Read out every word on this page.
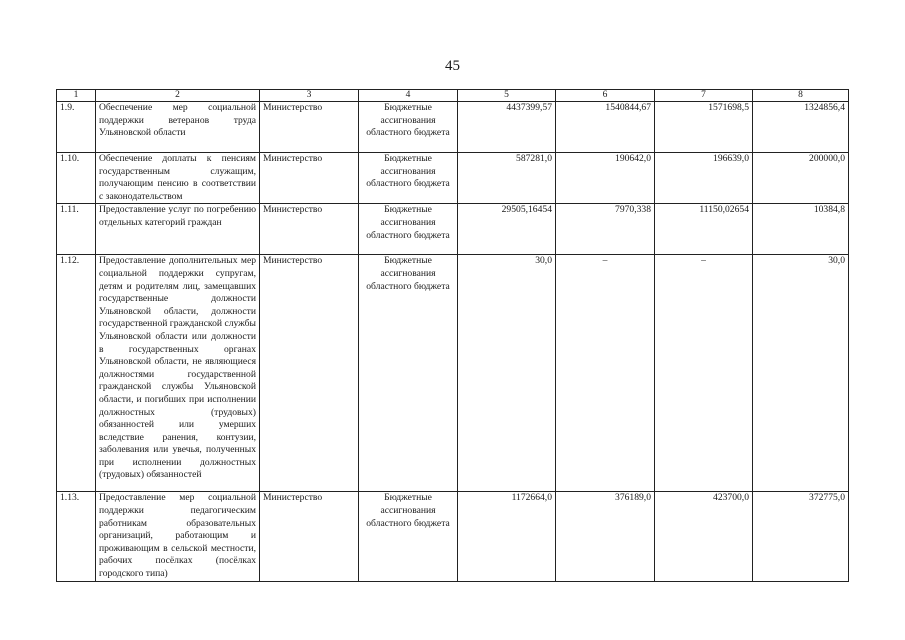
45
1	2	3	4	5	6	7	8
1.9.	Обеспечение мер социальной поддержки ветеранов труда Ульяновской области	Министерство	Бюджетные ассигнования областного бюджета	4437399,57	1540844,67	1571698,5	1324856,4
1.10.	Обеспечение доплаты к пенсиям государственным служащим, получающим пенсию в соответствии с законодательством	Министерство	Бюджетные ассигнования областного бюджета	587281,0	190642,0	196639,0	200000,0
1.11.	Предоставление услуг по погребению отдельных категорий граждан	Министерство	Бюджетные ассигнования областного бюджета	29505,16454	7970,338	11150,02654	10384,8
1.12.	Предоставление дополнительных мер социальной поддержки супругам, детям и родителям лиц, замещавших государственные должности Ульяновской области, должности государственной гражданской службы Ульяновской области или должности в государственных органах Ульяновской области, не являющиеся должностями государственной гражданской службы Ульяновской области, и погибших при исполнении должностных (трудовых) обязанностей или умерших вследствие ранения, контузии, заболевания или увечья, полученных при исполнении должностных (трудовых) обязанностей	Министерство	Бюджетные ассигнования областного бюджета	30,0	–	–	30,0
1.13.	Предоставление мер социальной поддержки педагогическим работникам образовательных организаций, работающим и проживающим в сельской местности, рабочих посёлках (посёлках городского типа)	Министерство	Бюджетные ассигнования областного бюджета	1172664,0	376189,0	423700,0	372775,0
